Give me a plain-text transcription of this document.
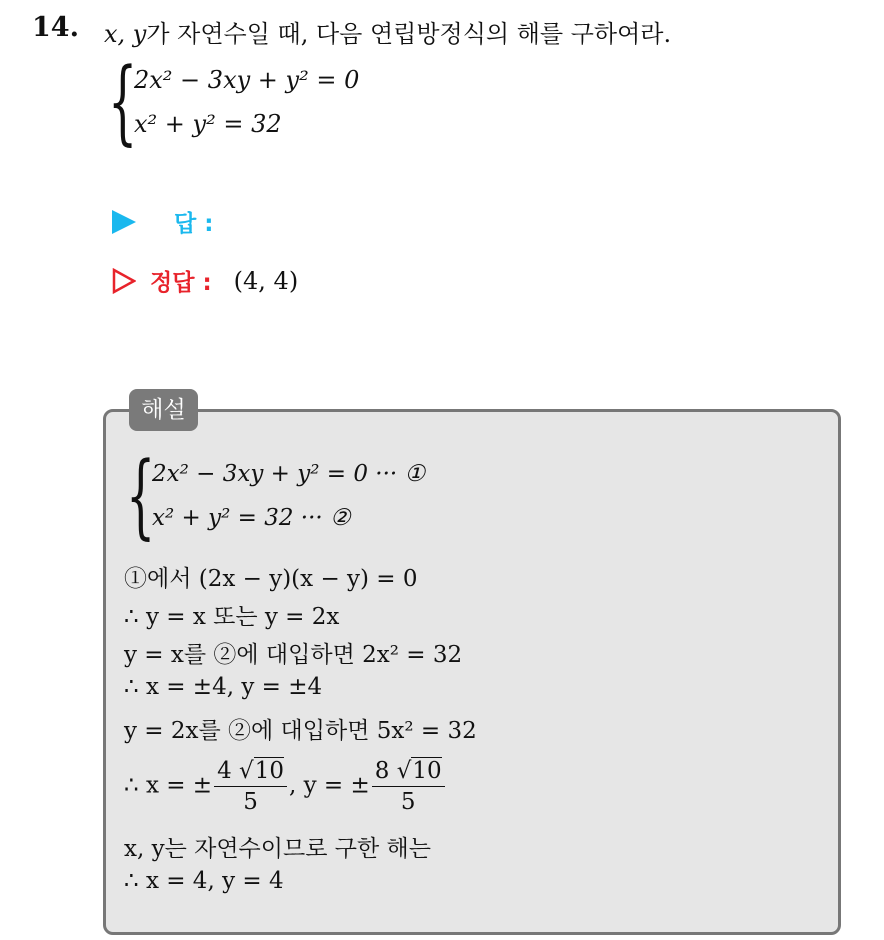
14. x, y가 자연수일 때, 다음 연립방정식의 해를 구하여라.
{
2x² − 3xy + y² = 0
x² + y² = 32
답 :
정답 : (4, 4)
해설
{
2x² − 3xy + y² = 0 ··· ①
x² + y² = 32 ··· ②
①에서 (2x − y)(x − y) = 0
∴ y = x 또는 y = 2x
y = x를 ②에 대입하면 2x² = 32
∴ x = ±4, y = ±4
y = 2x를 ②에 대입하면 5x² = 32
∴ x = ± $\frac{4 √10}{5}$ , y = ± $\frac{8 √10}{5}$
x, y는 자연수이므로 구한 해는
∴ x = 4, y = 4
